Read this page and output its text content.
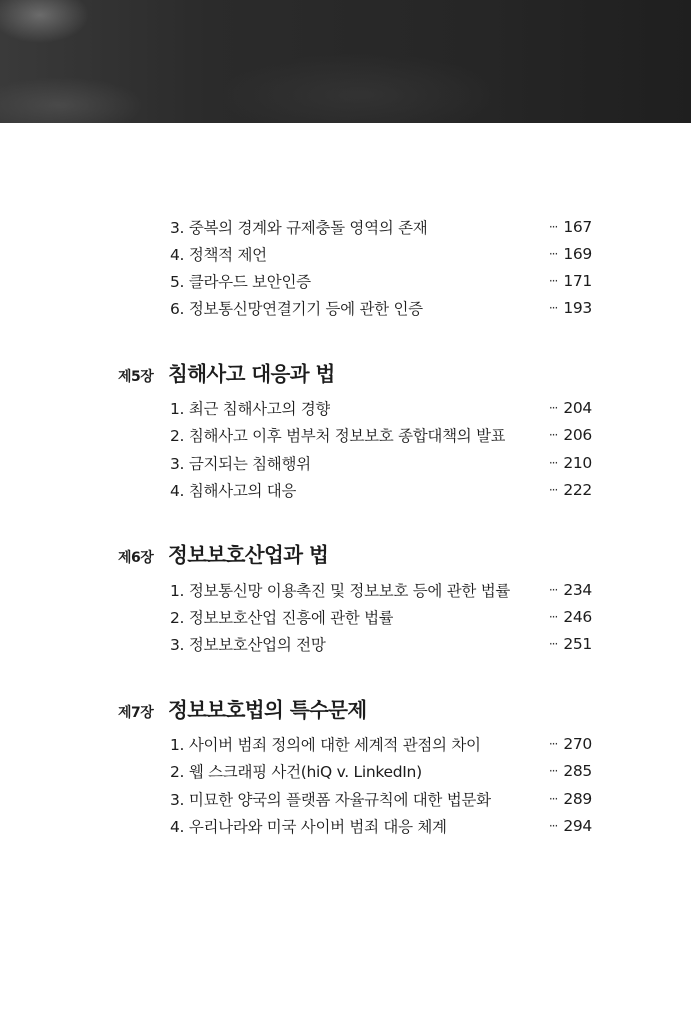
3. 중복의 경계와 규제충돌 영역의 존재	··· 167
4. 정책적 제언	··· 169
5. 클라우드 보안인증	··· 171
6. 정보통신망연결기기 등에 관한 인증	··· 193
제5장 침해사고 대응과 법
1. 최근 침해사고의 경향	··· 204
2. 침해사고 이후 범부처 정보보호 종합대책의 발표	··· 206
3. 금지되는 침해행위	··· 210
4. 침해사고의 대응	··· 222
제6장 정보보호산업과 법
1. 정보통신망 이용촉진 및 정보보호 등에 관한 법률	··· 234
2. 정보보호산업 진흥에 관한 법률	··· 246
3. 정보보호산업의 전망	··· 251
제7장 정보보호법의 특수문제
1. 사이버 범죄 정의에 대한 세계적 관점의 차이	··· 270
2. 웹 스크래핑 사건(hiQ v. LinkedIn)	··· 285
3. 미묘한 양국의 플랫폼 자율규칙에 대한 법문화	··· 289
4. 우리나라와 미국 사이버 범죄 대응 체계	··· 294
